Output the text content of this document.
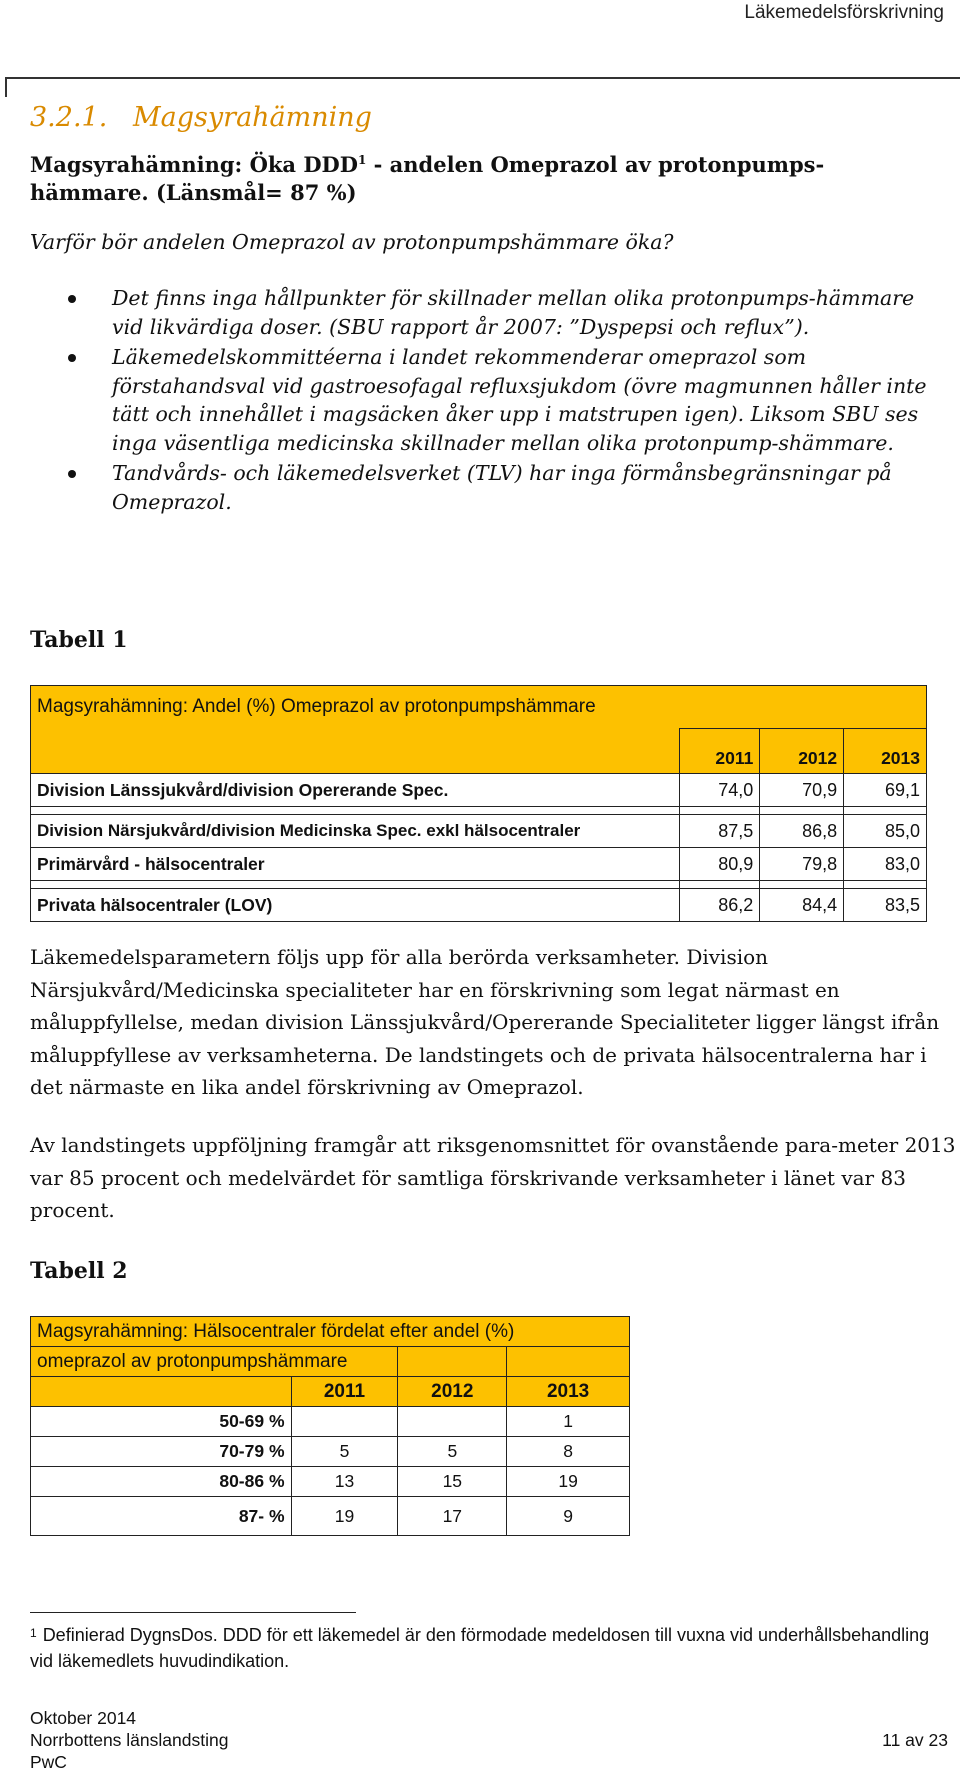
Läkemedelsförskrivning
3.2.1.   Magsyrahämning
Magsyrahämning: Öka DDD$^1$ - andelen Omeprazol av protonpumps-hämmare. (Länsmål= 87 %)
Varför bör andelen Omeprazol av protonpumpshämmare öka?
Det finns inga hållpunkter för skillnader mellan olika protonpumps-hämmare vid likvärdiga doser. (SBU rapport år 2007: ”Dyspepsi och reflux”).
Läkemedelskommittéerna i landet rekommenderar omeprazol som förstahandsval vid gastroesofagal refluxsjukdom (övre magmunnen håller inte tätt och innehållet i magsäcken åker upp i matstrupen igen). Liksom SBU ses inga väsentliga medicinska skillnader mellan olika protonpump-shämmare.
Tandvårds- och läkemedelsverket (TLV) har inga förmånsbegränsningar på Omeprazol.
Tabell 1
Magsyrahämning: Andel (%) Omeprazol av protonpumpshämmare			
	2011	2012	2013
Division Länssjukvård/division Opererande Spec.	74,0	70,9	69,1

Division Närsjukvård/division Medicinska Spec. exkl hälsocentraler	87,5	86,8	85,0
Primärvård - hälsocentraler	80,9	79,8	83,0

Privata hälsocentraler (LOV)	86,2	84,4	83,5
Läkemedelsparametern följs upp för alla berörda verksamheter. Division Närsjukvård/Medicinska specialiteter har en förskrivning som legat närmast en måluppfyllelse, medan division Länssjukvård/Opererande Specialiteter ligger längst ifrån måluppfyllese av verksamheterna. De landstingets och de privata hälsocentralerna har i det närmaste en lika andel förskrivning av Omeprazol.
Av landstingets uppföljning framgår att riksgenomsnittet för ovanstående para-meter 2013 var 85 procent och medelvärdet för samtliga förskrivande verksamheter i länet var 83 procent.
Tabell 2
Magsyrahämning: Hälsocentraler fördelat efter andel (%)			
omeprazol av protonpumpshämmare			
	2011	2012	2013
50-69 %			1
70-79 %	5	5	8
80-86 %	13	15	19
87- %	19	17	9
$^1$ Definierad DygnsDos. DDD för ett läkemedel är den förmodade medeldosen till vuxna vid underhållsbehandling vid läkemedlets huvudindikation.
Oktober 2014
Norrbottens länslandsting
PwC
11 av 23
